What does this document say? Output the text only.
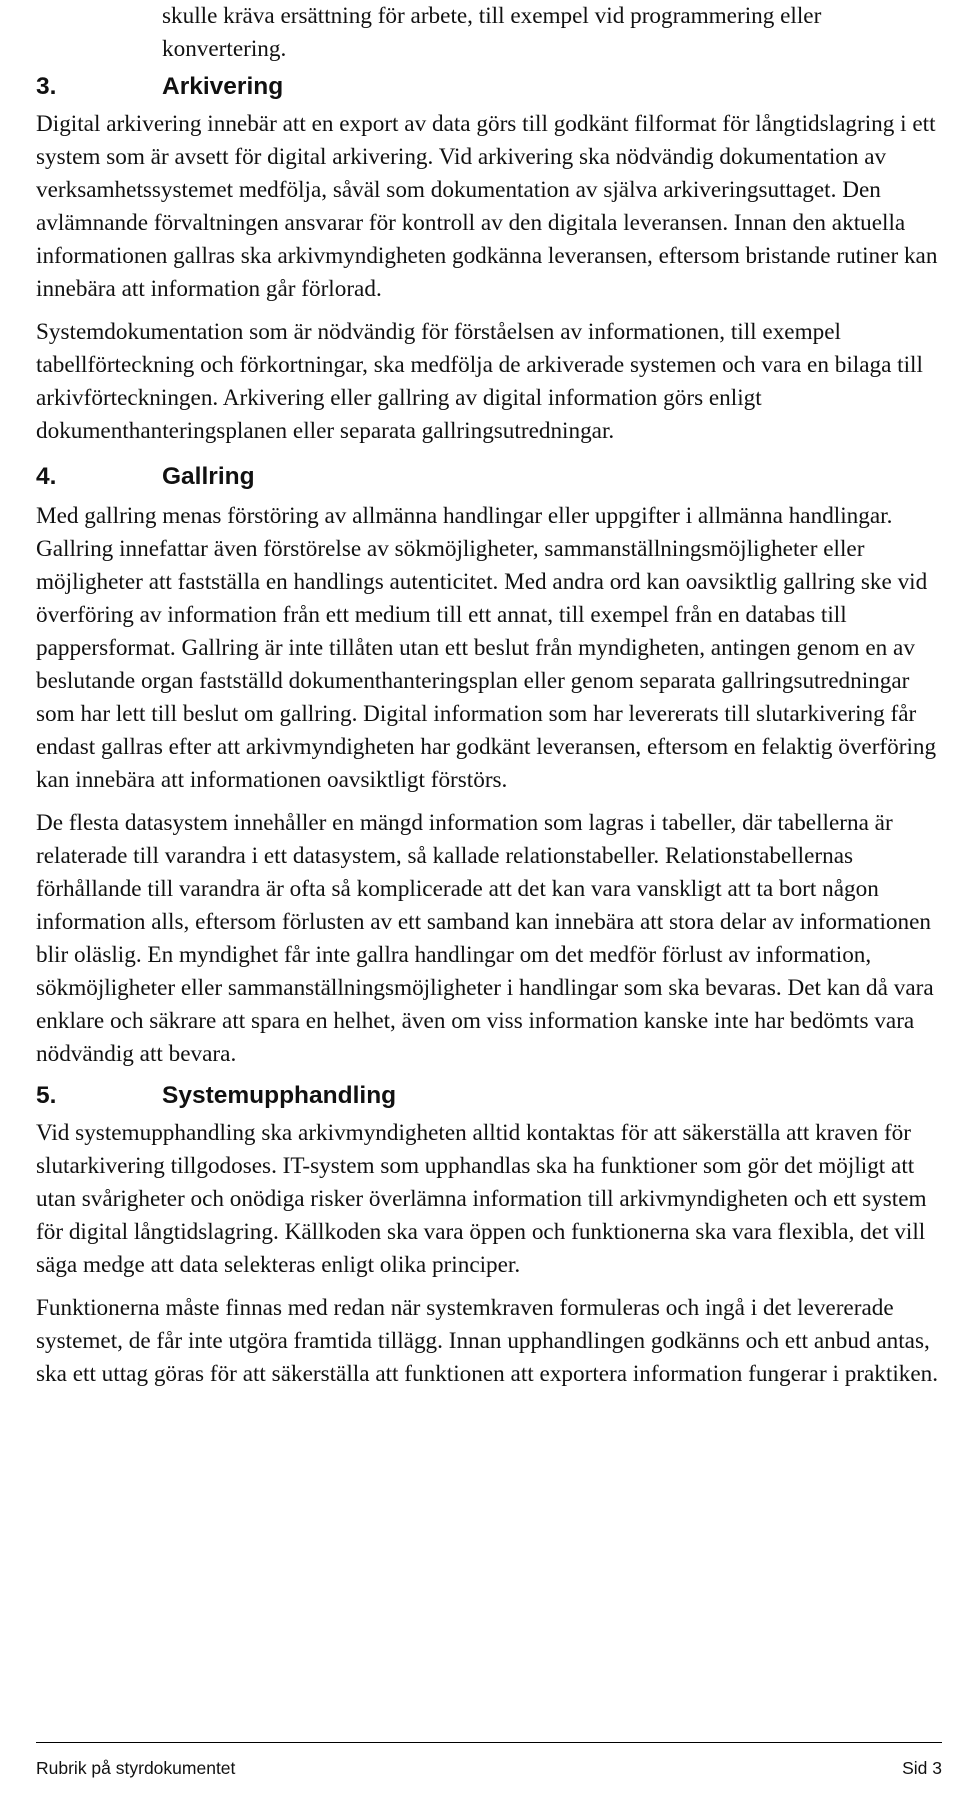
skulle kräva ersättning för arbete, till exempel vid programmering eller konvertering.

3.	Arkivering

Digital arkivering innebär att en export av data görs till godkänt filformat för långtidslagring i ett system som är avsett för digital arkivering. Vid arkivering ska nödvändig dokumentation av verksamhetssystemet medfölja, såväl som dokumentation av själva arkiveringsuttaget. Den avlämnande förvaltningen ansvarar för kontroll av den digitala leveransen. Innan den aktuella informationen gallras ska arkivmyndigheten godkänna leveransen, eftersom bristande rutiner kan innebära att information går förlorad.

Systemdokumentation som är nödvändig för förståelsen av informationen, till exempel tabellförteckning och förkortningar, ska medfölja de arkiverade systemen och vara en bilaga till arkivförteckningen. Arkivering eller gallring av digital information görs enligt dokumenthanteringsplanen eller separata gallringsutredningar.

4.	Gallring

Med gallring menas förstöring av allmänna handlingar eller uppgifter i allmänna handlingar. Gallring innefattar även förstörelse av sökmöjligheter, sammanställningsmöjligheter eller möjligheter att fastställa en handlings autenticitet. Med andra ord kan oavsiktlig gallring ske vid överföring av information från ett medium till ett annat, till exempel från en databas till pappersformat. Gallring är inte tillåten utan ett beslut från myndigheten, antingen genom en av beslutande organ fastställd dokumenthanteringsplan eller genom separata gallringsutredningar som har lett till beslut om gallring. Digital information som har levererats till slutarkivering får endast gallras efter att arkivmyndigheten har godkänt leveransen, eftersom en felaktig överföring kan innebära att informationen oavsiktligt förstörs.

De flesta datasystem innehåller en mängd information som lagras i tabeller, där tabellerna är relaterade till varandra i ett datasystem, så kallade relationstabeller. Relationstabellernas förhållande till varandra är ofta så komplicerade att det kan vara vanskligt att ta bort någon information alls, eftersom förlusten av ett samband kan innebära att stora delar av informationen blir oläslig. En myndighet får inte gallra handlingar om det medför förlust av information, sökmöjligheter eller sammanställningsmöjligheter i handlingar som ska bevaras. Det kan då vara enklare och säkrare att spara en helhet, även om viss information kanske inte har bedömts vara nödvändig att bevara.

5.	Systemupphandling

Vid systemupphandling ska arkivmyndigheten alltid kontaktas för att säkerställa att kraven för slutarkivering tillgodoses. IT-system som upphandlas ska ha funktioner som gör det möjligt att utan svårigheter och onödiga risker överlämna information till arkivmyndigheten och ett system för digital långtidslagring. Källkoden ska vara öppen och funktionerna ska vara flexibla, det vill säga medge att data selekteras enligt olika principer.

Funktionerna måste finnas med redan när systemkraven formuleras och ingå i det levererade systemet, de får inte utgöra framtida tillägg. Innan upphandlingen godkänns och ett anbud antas, ska ett uttag göras för att säkerställa att funktionen att exportera information fungerar i praktiken.

Rubrik på styrdokumentet	Sid 3
